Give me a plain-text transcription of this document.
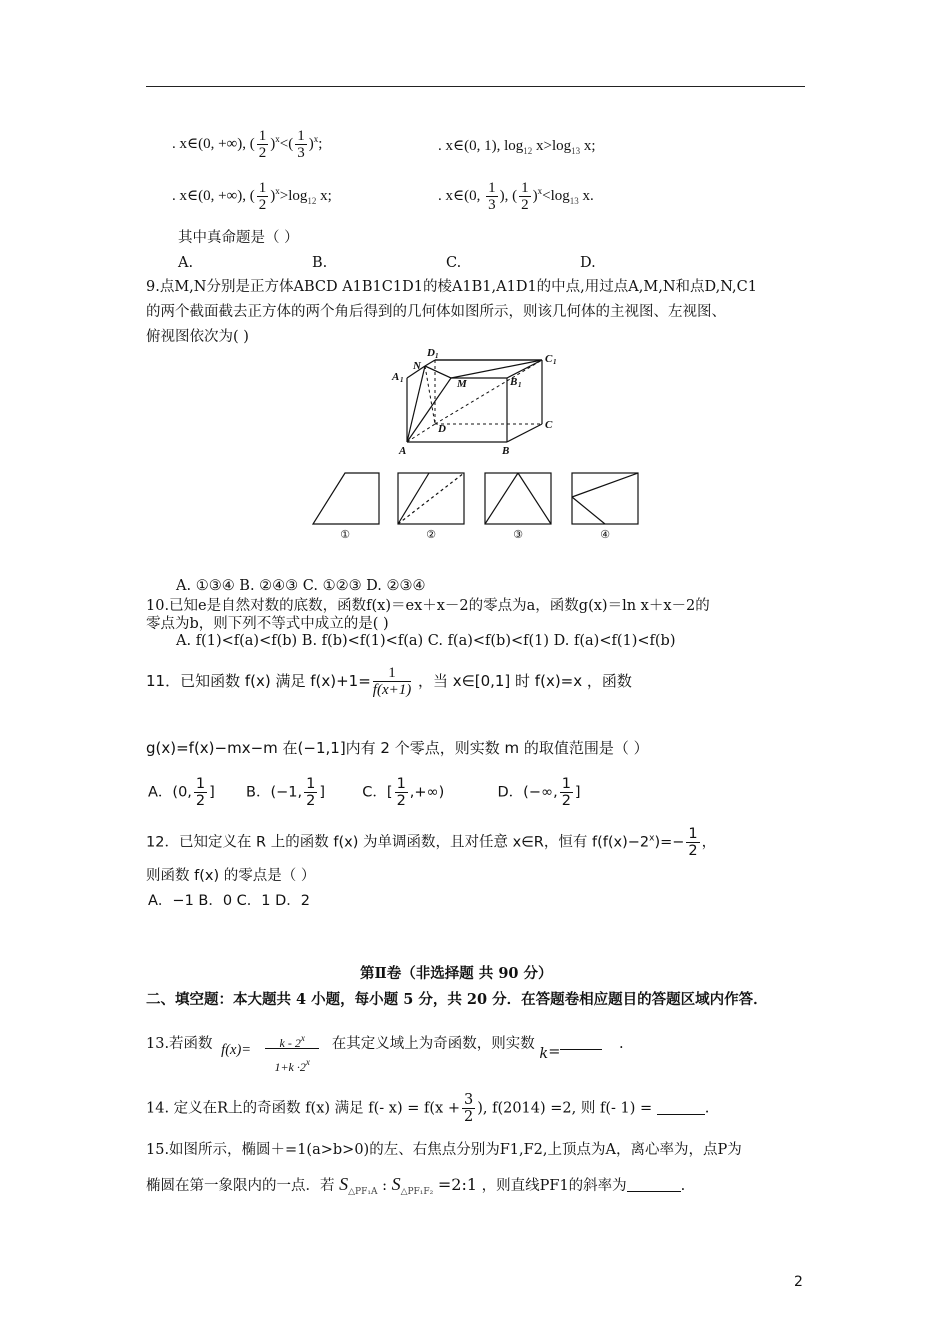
. x∈(0, +∞), ( $\frac{1}{2} )^x<( \frac{1}{3} )^x$;	. x∈(0, 1), $\log_{12} x>\log_{13}$ x;
. x∈(0, +∞), ( $\frac{1}{2} )^x>\log_{12}$ x;	. x∈(0, $\frac{1}{3}$ ), ( $\frac{1}{2} )^x<\log_{13}$ x.
其中真命题是（ ）
A.	B.	C.	D.
9.点M,N分别是正方体ABCD A1B1C1D1的棱A1B1,A1D1的中点,用过点A,M,N和点D,N,C1
的两个截面截去正方体的两个角后得到的几何体如图所示，则该几何体的主视图、左视图、
俯视图依次为( )
D 1	C 1
N
A 1	M	B 1
D	C
A	B
①	②	③	④
A. ①③④ B. ②④③ C. ①②③ D. ②③④
10.已知e是自然对数的底数，函数f(x)＝ex＋x－2的零点为a，函数g(x)＝ln x＋x－2的
零点为b，则下列不等式中成立的是( )
A. f(1)<f(a)<f(b) B. f(b)<f(1)<f(a) C. f(a)<f(b)<f(1) D. f(a)<f(1)<f(b)
11．已知函数 f(x) 满足 $f(x)+1= \frac{1}{f(x+1)}$ ，当 x∈[0,1] 时 f(x)=x ，函数
g(x)=f(x)−mx−m 在(−1,1]内有 2 个零点，则实数 m 的取值范围是（ ）
A．(0, $\frac{1}{2}$ ] B．(−1, $\frac{1}{2}$ ]	C．[ $\frac{1}{2}$ ,+∞)	D．(−∞, $\frac{1}{2}$ ]
12．已知定义在 R 上的函数 f(x) 为单调函数，且对任意 x∈R，恒有 $f(f(x)-2^x)=- \frac{1}{2}$ ，
则函数 f(x) 的零点是（ ）
A．−1 B．0 C．1 D．2
第Ⅱ卷（非选择题 共 90 分）
二、填空题：本大题共 4 小题，每小题 5 分，共 20 分．在答题卷相应题目的答题区域内作答．
13.若函数 f(x)=	k - 2$^x$
$1+k \cdot 2^x$
在其定义域上为奇函数，则实数 k=	.
14. 定义在R上的奇函数 f(x) 满足 f(- $x) = f(x + \frac{3}{2}$ ), f(2014) =2, 则 f(- 1) =	.
15.如图所示，椭圆＋=1(a>b>0)的左、右焦点分别为F1,F2,上顶点为A，离心率为，点P为
椭圆在第一象限内的一点．若 $S_{\triangle PF_1A}$ : $S_{\triangle PF_1F_2}$ =2:1 ，则直线PF1的斜率为	.
2
